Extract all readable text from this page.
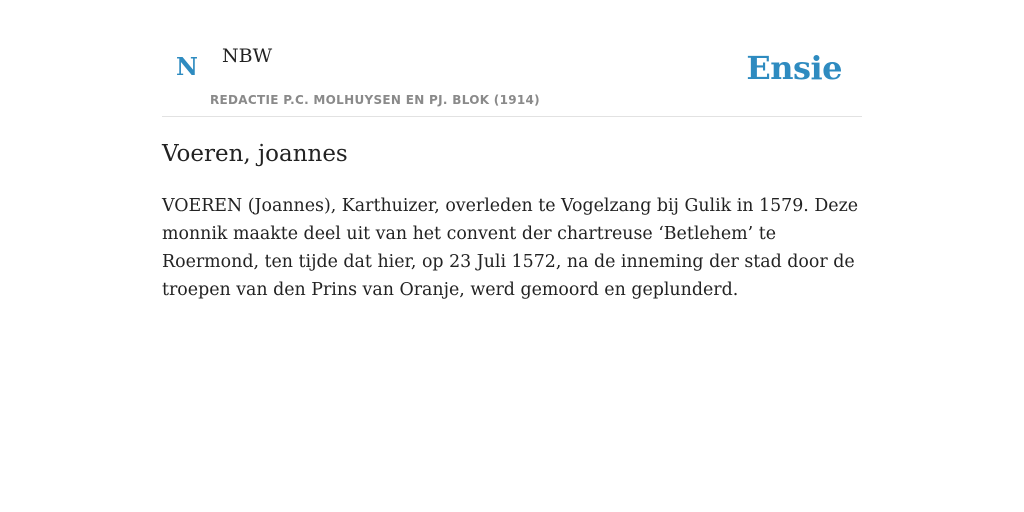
N NBW
REDACTIE P.C. MOLHUYSEN EN PJ. BLOK (1914)
Ensie
Voeren, joannes

VOEREN (Joannes), Karthuizer, overleden te Vogelzang bij Gulik in 1579. Deze monnik maakte deel uit van het convent der chartreuse ‘Betlehem’ te Roermond, ten tijde dat hier, op 23 Juli 1572, na de inneming der stad door de troepen van den Prins van Oranje, werd gemoord en geplunderd.
